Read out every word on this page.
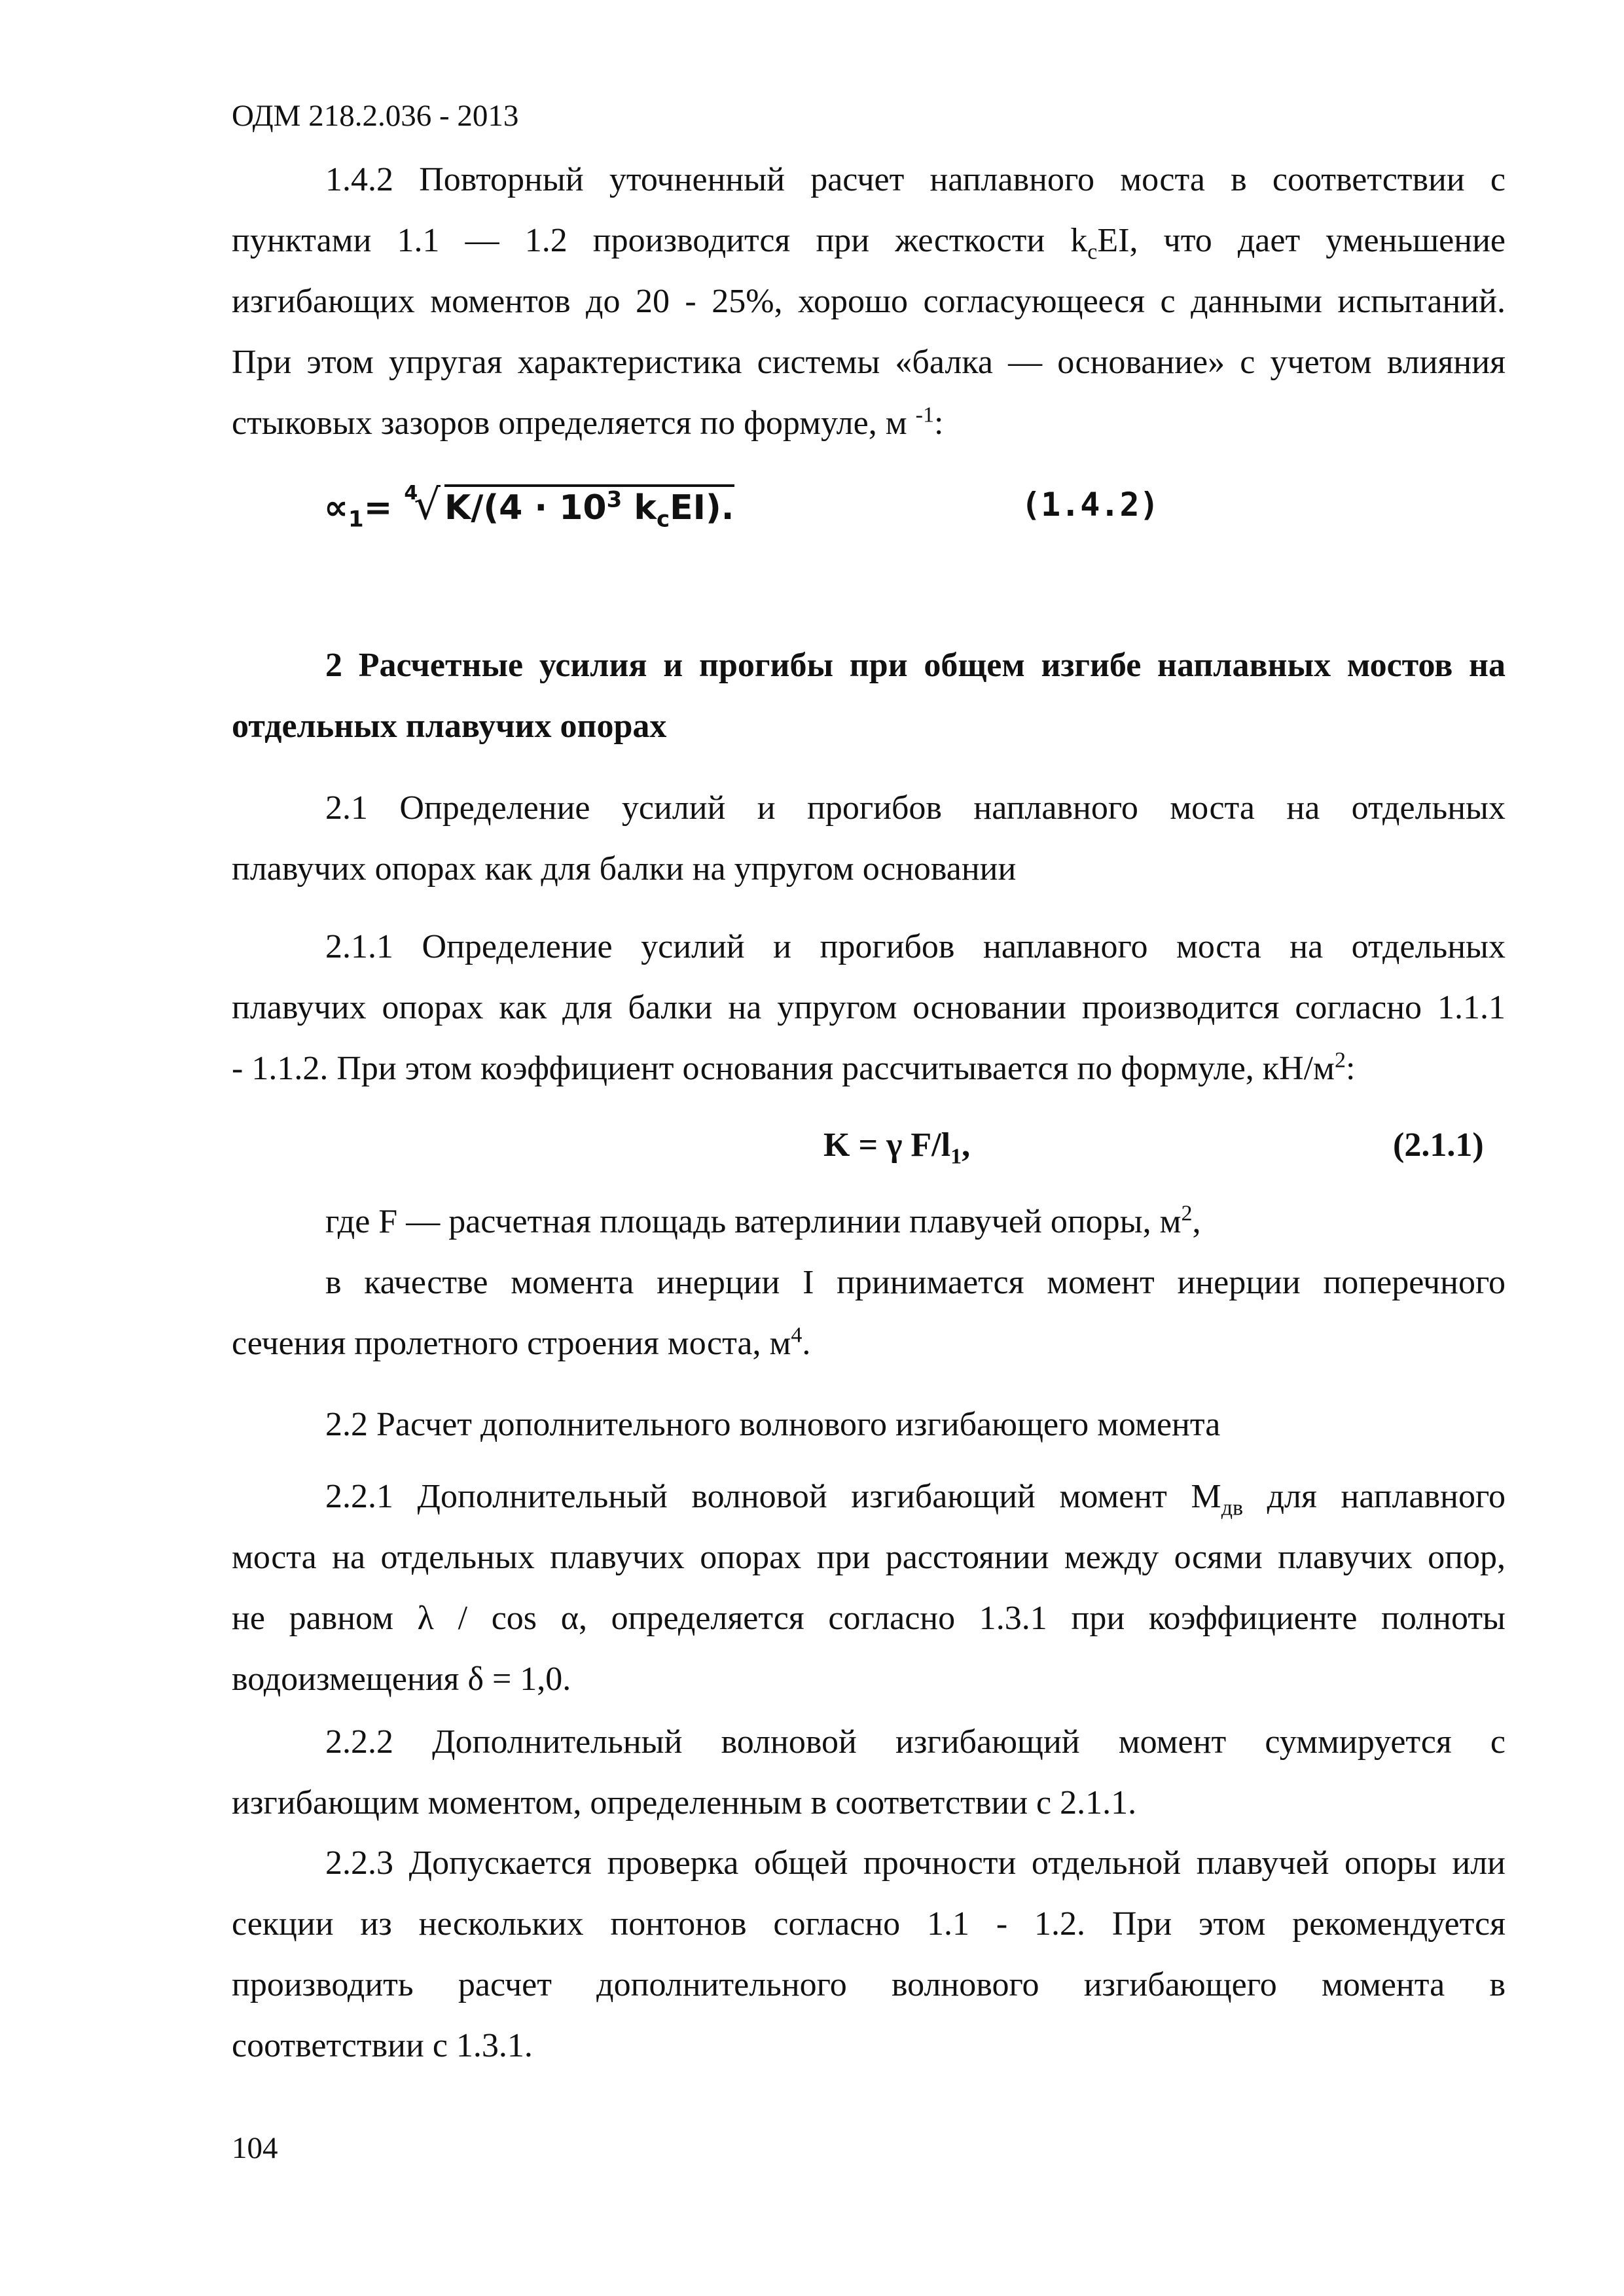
ОДМ 218.2.036 - 2013
1.4.2 Повторный уточненный расчет наплавного моста в соответствии с
пунктами 1.1 — 1.2 производится при жесткости $k_cEI$, что дает уменьшение
изгибающих моментов до 20 - 25%, хорошо согласующееся с данными испытаний.
При этом упругая характеристика системы «балка — основание» с учетом влияния
стыковых зазоров определяется по формуле, м $^{-1}$:
$\propto_1= ^4√$ $K/(4 \cdot 10^3$ $k_cEI$).	(1.4.2)
2 Расчетные усилия и прогибы при общем изгибе наплавных мостов на
отдельных плавучих опорах
2.1 Определение усилий и прогибов наплавного моста на отдельных
плавучих опорах как для балки на упругом основании
2.1.1 Определение усилий и прогибов наплавного моста на отдельных
плавучих опорах как для балки на упругом основании производится согласно 1.1.1
- 1.1.2. При этом коэффициент основания рассчитывается по формуле, $кН/м^2$:
K = γ $F/l_1$,	(2.1.1)
где F — расчетная площадь ватерлинии плавучей опоры, $м^2$,
в качестве момента инерции I принимается момент инерции поперечного
сечения пролетного строения моста, $м^4$.
2.2 Расчет дополнительного волнового изгибающего момента
2.2.1 Дополнительный волновой изгибающий момент $М_{дв}$ для наплавного
моста на отдельных плавучих опорах при расстоянии между осями плавучих опор,
не равном λ / cos α, определяется согласно 1.3.1 при коэффициенте полноты
водоизмещения δ = 1,0.
2.2.2 Дополнительный волновой изгибающий момент суммируется с
изгибающим моментом, определенным в соответствии с 2.1.1.
2.2.3 Допускается проверка общей прочности отдельной плавучей опоры или
секции из нескольких понтонов согласно 1.1 - 1.2. При этом рекомендуется
производить расчет дополнительного волнового изгибающего момента в
соответствии с 1.3.1.
104
